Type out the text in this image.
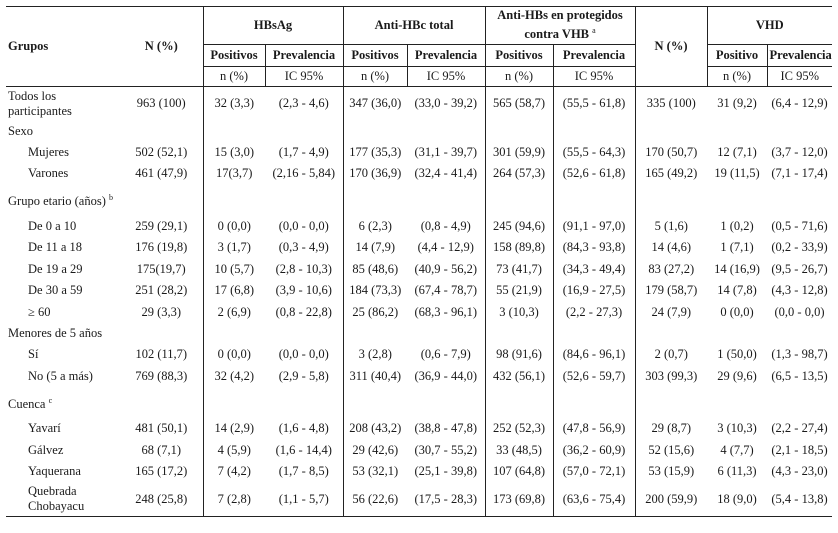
Grupos	N (%)	HBsAg		Anti-HBc total		Anti-HBs en protegidos contra VHB $^a$		N (%)	VHD	
		Positivos	Prevalencia	Positivos	Prevalencia	Positivos	Prevalencia		Positivo	Prevalencia
		n (%)	IC 95%	n (%)	IC 95%	n (%)	IC 95%		n (%)	IC 95%
Todos los participantes	963 (100)	32 (3,3)	(2,3 - 4,6)	347 (36,0)	(33,0 - 39,2)	565 (58,7)	(55,5 - 61,8)	335 (100)	31 (9,2)	(6,4 - 12,9)
Sexo										
Mujeres	502 (52,1)	15 (3,0)	(1,7 - 4,9)	177 (35,3)	(31,1 - 39,7)	301 (59,9)	(55,5 - 64,3)	170 (50,7)	12 (7,1)	(3,7 - 12,0)
Varones	461 (47,9)	17(3,7)	(2,16 - 5,84)	170 (36,9)	(32,4 - 41,4)	264 (57,3)	(52,6 - 61,8)	165 (49,2)	19 (11,5)	(7,1 - 17,4)
Grupo etario (años) $^b$										
De 0 a 10	259 (29,1)	0 (0,0)	(0,0 - 0,0)	6 (2,3)	(0,8 - 4,9)	245 (94,6)	(91,1 - 97,0)	5 (1,6)	1 (0,2)	(0,5 - 71,6)
De 11 a 18	176 (19,8)	3 (1,7)	(0,3 - 4,9)	14 (7,9)	(4,4 - 12,9)	158 (89,8)	(84,3 - 93,8)	14 (4,6)	1 (7,1)	(0,2 - 33,9)
De 19 a 29	175(19,7)	10 (5,7)	(2,8 - 10,3)	85 (48,6)	(40,9 - 56,2)	73 (41,7)	(34,3 - 49,4)	83 (27,2)	14 (16,9)	(9,5 - 26,7)
De 30 a 59	251 (28,2)	17 (6,8)	(3,9 - 10,6)	184 (73,3)	(67,4 - 78,7)	55 (21,9)	(16,9 - 27,5)	179 (58,7)	14 (7,8)	(4,3 - 12,8)
≥ 60	29 (3,3)	2 (6,9)	(0,8 - 22,8)	25 (86,2)	(68,3 - 96,1)	3 (10,3)	(2,2 - 27,3)	24 (7,9)	0 (0,0)	(0,0 - 0,0)
Menores de 5 años										
Sí	102 (11,7)	0 (0,0)	(0,0 - 0,0)	3 (2,8)	(0,6 - 7,9)	98 (91,6)	(84,6 - 96,1)	2 (0,7)	1 (50,0)	(1,3 - 98,7)
No (5 a más)	769 (88,3)	32 (4,2)	(2,9 - 5,8)	311 (40,4)	(36,9 - 44,0)	432 (56,1)	(52,6 - 59,7)	303 (99,3)	29 (9,6)	(6,5 - 13,5)
Cuenca $^c$										
Yavarí	481 (50,1)	14 (2,9)	(1,6 - 4,8)	208 (43,2)	(38,8 - 47,8)	252 (52,3)	(47,8 - 56,9)	29 (8,7)	3 (10,3)	(2,2 - 27,4)
Gálvez	68 (7,1)	4 (5,9)	(1,6 - 14,4)	29 (42,6)	(30,7 - 55,2)	33 (48,5)	(36,2 - 60,9)	52 (15,6)	4 (7,7)	(2,1 - 18,5)
Yaquerana	165 (17,2)	7 (4,2)	(1,7 - 8,5)	53 (32,1)	(25,1 - 39,8)	107 (64,8)	(57,0 - 72,1)	53 (15,9)	6 (11,3)	(4,3 - 23,0)
Quebrada Chobayacu	248 (25,8)	7 (2,8)	(1,1 - 5,7)	56 (22,6)	(17,5 - 28,3)	173 (69,8)	(63,6 - 75,4)	200 (59,9)	18 (9,0)	(5,4 - 13,8)
